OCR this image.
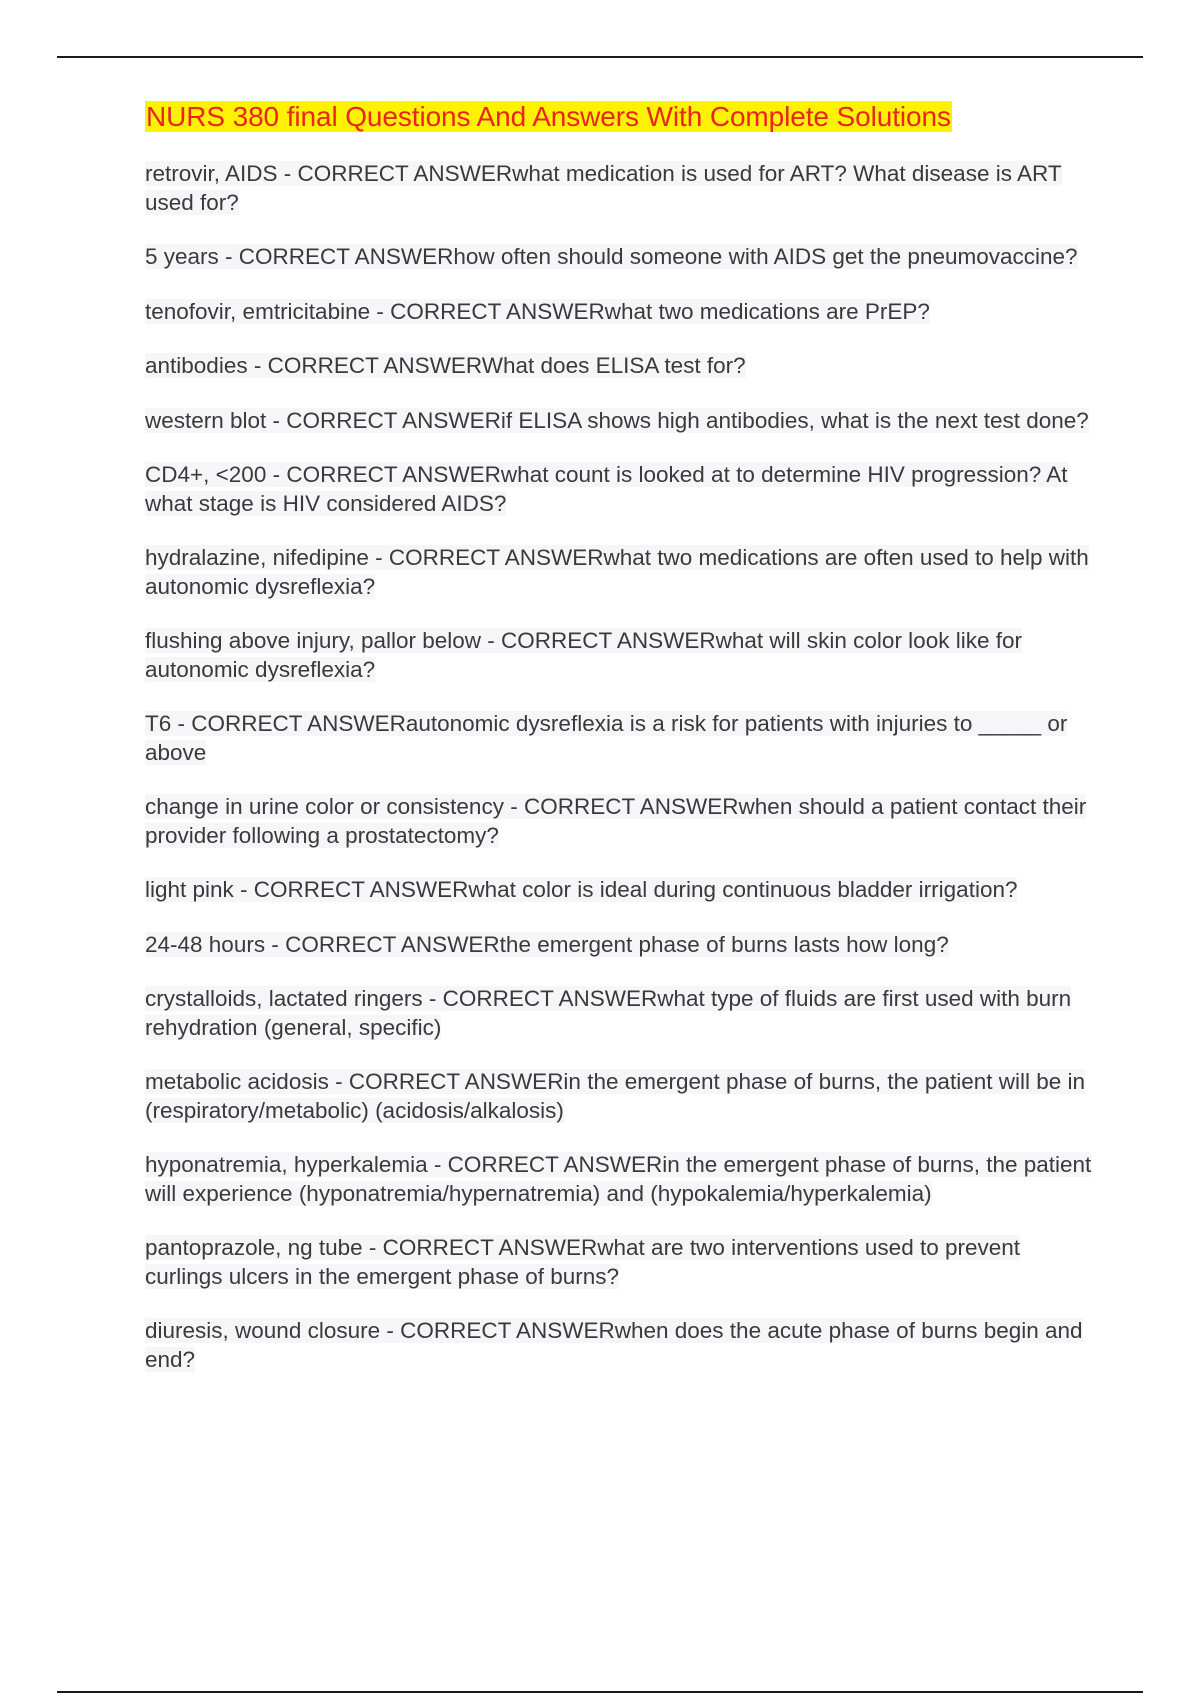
NURS 380 final Questions And Answers With Complete Solutions
retrovir, AIDS - CORRECT ANSWERwhat medication is used for ART? What disease is ART used for?
5 years - CORRECT ANSWERhow often should someone with AIDS get the pneumovaccine?
tenofovir, emtricitabine - CORRECT ANSWERwhat two medications are PrEP?
antibodies - CORRECT ANSWERWhat does ELISA test for?
western blot - CORRECT ANSWERif ELISA shows high antibodies, what is the next test done?
CD4+, <200 - CORRECT ANSWERwhat count is looked at to determine HIV progression? At what stage is HIV considered AIDS?
hydralazine, nifedipine - CORRECT ANSWERwhat two medications are often used to help with autonomic dysreflexia?
flushing above injury, pallor below - CORRECT ANSWERwhat will skin color look like for autonomic dysreflexia?
T6 - CORRECT ANSWERautonomic dysreflexia is a risk for patients with injuries to _____ or above
change in urine color or consistency - CORRECT ANSWERwhen should a patient contact their provider following a prostatectomy?
light pink - CORRECT ANSWERwhat color is ideal during continuous bladder irrigation?
24-48 hours - CORRECT ANSWERthe emergent phase of burns lasts how long?
crystalloids, lactated ringers - CORRECT ANSWERwhat type of fluids are first used with burn rehydration (general, specific)
metabolic acidosis - CORRECT ANSWERin the emergent phase of burns, the patient will be in (respiratory/metabolic) (acidosis/alkalosis)
hyponatremia, hyperkalemia - CORRECT ANSWERin the emergent phase of burns, the patient will experience (hyponatremia/hypernatremia) and (hypokalemia/hyperkalemia)
pantoprazole, ng tube - CORRECT ANSWERwhat are two interventions used to prevent curlings ulcers in the emergent phase of burns?
diuresis, wound closure - CORRECT ANSWERwhen does the acute phase of burns begin and end?
